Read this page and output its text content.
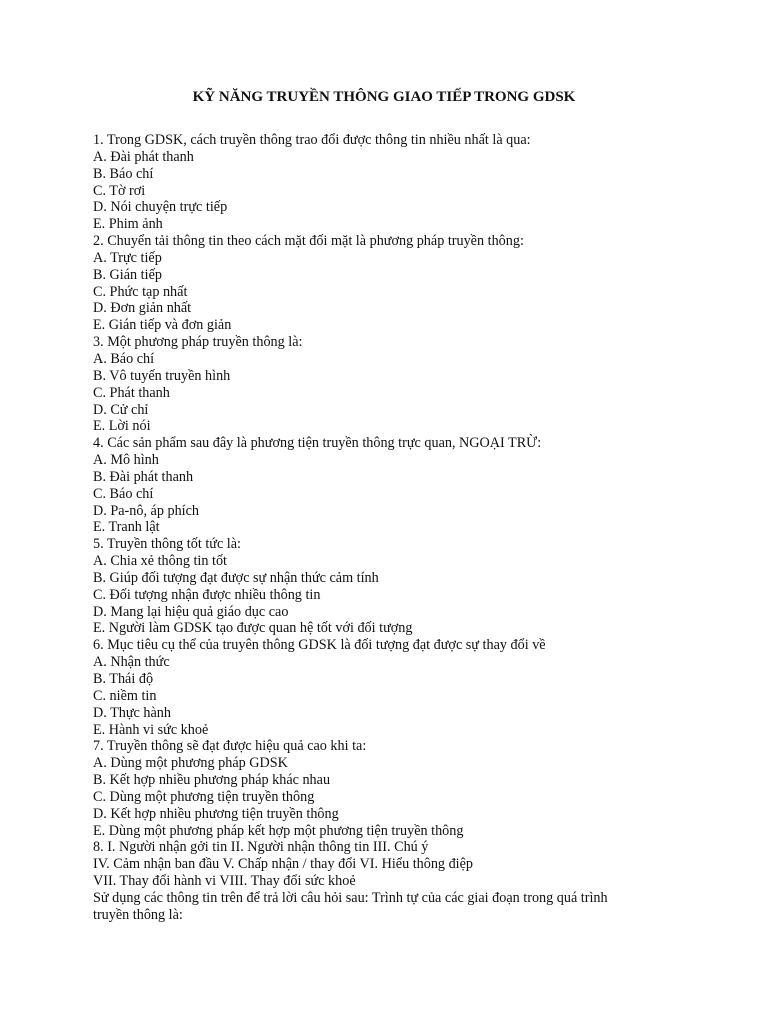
KỸ NĂNG TRUYỀN THÔNG GIAO TIẾP TRONG GDSK
1. Trong GDSK, cách truyền thông trao đổi được thông tin nhiều nhất là qua:
A. Đài phát thanh
B. Báo chí
C. Tờ rơi
D. Nói chuyện trực tiếp
E. Phim ảnh
2. Chuyển tải thông tin theo cách mặt đối mặt là phương pháp truyền thông:
A. Trực tiếp
B. Gián tiếp
C. Phức tạp nhất
D. Đơn giản nhất
E. Gián tiếp và đơn giản
3. Một phương pháp truyền thông là:
A. Báo chí
B. Vô tuyến truyền hình
C. Phát thanh
D. Cử chỉ
E. Lời nói
4. Các sản phẩm sau đây là phương tiện truyền thông trực quan, NGOẠI TRỪ:
A. Mô hình
B. Đài phát thanh
C. Báo chí
D. Pa-nô, áp phích
E. Tranh lật
5. Truyền thông tốt tức là:
A. Chia xẻ thông tin tốt
B. Giúp đối tượng đạt được sự nhận thức cảm tính
C. Đối tượng nhận được nhiều thông tin
D. Mang lại hiệu quả giáo dục cao
E. Người làm GDSK tạo được quan hệ tốt với đối tượng
6. Mục tiêu cụ thể của truyên thông GDSK là đối tượng đạt được sự thay đổi về
A. Nhận thức
B. Thái độ
C. niềm tin
D. Thực hành
E. Hành vi sức khoẻ
7. Truyền thông sẽ đạt được hiệu quả cao khi ta:
A. Dùng một phương pháp GDSK
B. Kết hợp nhiều phương pháp khác nhau
C. Dùng một phương tiện truyền thông
D. Kết hợp nhiều phương tiện truyền thông
E. Dùng một phương pháp kết hợp một phương tiện truyền thông
8. I. Người nhận gởi tin II. Người nhận thông tin III. Chú ý
IV. Cảm nhận ban đầu V. Chấp nhận / thay đổi VI. Hiểu thông điệp
VII. Thay đổi hành vi VIII. Thay đổi sức khoẻ
Sử dụng các thông tin trên để trả lời câu hỏi sau: Trình tự của các giai đoạn trong quá trình
truyền thông là:
